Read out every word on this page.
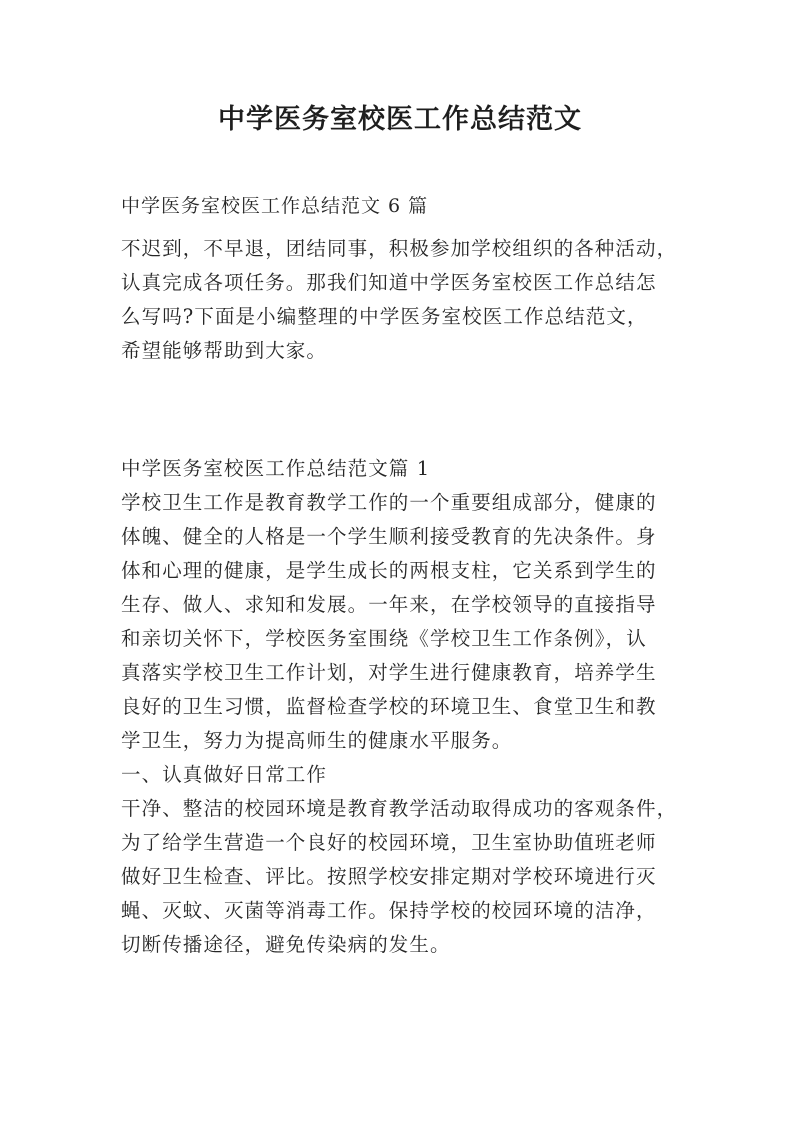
中学医务室校医工作总结范文
中学医务室校医工作总结范文 6 篇
不迟到，不早退，团结同事，积极参加学校组织的各种活动，
认真完成各项任务。那我们知道中学医务室校医工作总结怎
么写吗?下面是小编整理的中学医务室校医工作总结范文，
希望能够帮助到大家。
中学医务室校医工作总结范文篇 1
学校卫生工作是教育教学工作的一个重要组成部分，健康的
体魄、健全的人格是一个学生顺利接受教育的先决条件。身
体和心理的健康，是学生成长的两根支柱，它关系到学生的
生存、做人、求知和发展。一年来，在学校领导的直接指导
和亲切关怀下，学校医务室围绕《学校卫生工作条例》，认
真落实学校卫生工作计划，对学生进行健康教育，培养学生
良好的卫生习惯，监督检查学校的环境卫生、食堂卫生和教
学卫生，努力为提高师生的健康水平服务。
一、认真做好日常工作
干净、整洁的校园环境是教育教学活动取得成功的客观条件，
为了给学生营造一个良好的校园环境，卫生室协助值班老师
做好卫生检查、评比。按照学校安排定期对学校环境进行灭
蝇、灭蚊、灭菌等消毒工作。保持学校的校园环境的洁净，
切断传播途径，避免传染病的发生。
